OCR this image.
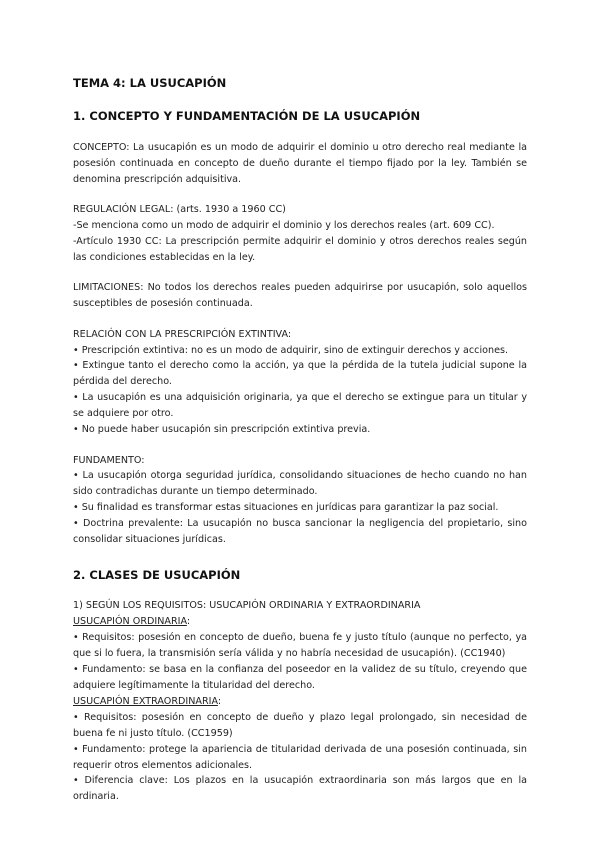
TEMA 4: LA USUCAPIÓN
1. CONCEPTO Y FUNDAMENTACIÓN DE LA USUCAPIÓN

CONCEPTO: La usucapión es un modo de adquirir el dominio u otro derecho real mediante la posesión continuada en concepto de dueño durante el tiempo fijado por la ley. También se denomina prescripción adquisitiva.

REGULACIÓN LEGAL: (arts. 1930 a 1960 CC)

-Se menciona como un modo de adquirir el dominio y los derechos reales (art. 609 CC).

-Artículo 1930 CC: La prescripción permite adquirir el dominio y otros derechos reales según las condiciones establecidas en la ley.

LIMITACIONES: No todos los derechos reales pueden adquirirse por usucapión, solo aquellos susceptibles de posesión continuada.

RELACIÓN CON LA PRESCRIPCIÓN EXTINTIVA:

• Prescripción extintiva: no es un modo de adquirir, sino de extinguir derechos y acciones.

• Extingue tanto el derecho como la acción, ya que la pérdida de la tutela judicial supone la pérdida del derecho.

• La usucapión es una adquisición originaria, ya que el derecho se extingue para un titular y se adquiere por otro.

• No puede haber usucapión sin prescripción extintiva previa.

FUNDAMENTO:

• La usucapión otorga seguridad jurídica, consolidando situaciones de hecho cuando no han sido contradichas durante un tiempo determinado.

• Su finalidad es transformar estas situaciones en jurídicas para garantizar la paz social.

• Doctrina prevalente: La usucapión no busca sancionar la negligencia del propietario, sino consolidar situaciones jurídicas.

2. CLASES DE USUCAPIÓN

1) SEGÚN LOS REQUISITOS: USUCAPIÓN ORDINARIA Y EXTRAORDINARIA

USUCAPIÓN ORDINARIA:

• Requisitos: posesión en concepto de dueño, buena fe y justo título (aunque no perfecto, ya que si lo fuera, la transmisión sería válida y no habría necesidad de usucapión). (CC1940)

• Fundamento: se basa en la confianza del poseedor en la validez de su título, creyendo que adquiere legítimamente la titularidad del derecho.

USUCAPIÓN EXTRAORDINARIA:

• Requisitos: posesión en concepto de dueño y plazo legal prolongado, sin necesidad de buena fe ni justo título. (CC1959)

• Fundamento: protege la apariencia de titularidad derivada de una posesión continuada, sin requerir otros elementos adicionales.

• Diferencia clave: Los plazos en la usucapión extraordinaria son más largos que en la ordinaria.
